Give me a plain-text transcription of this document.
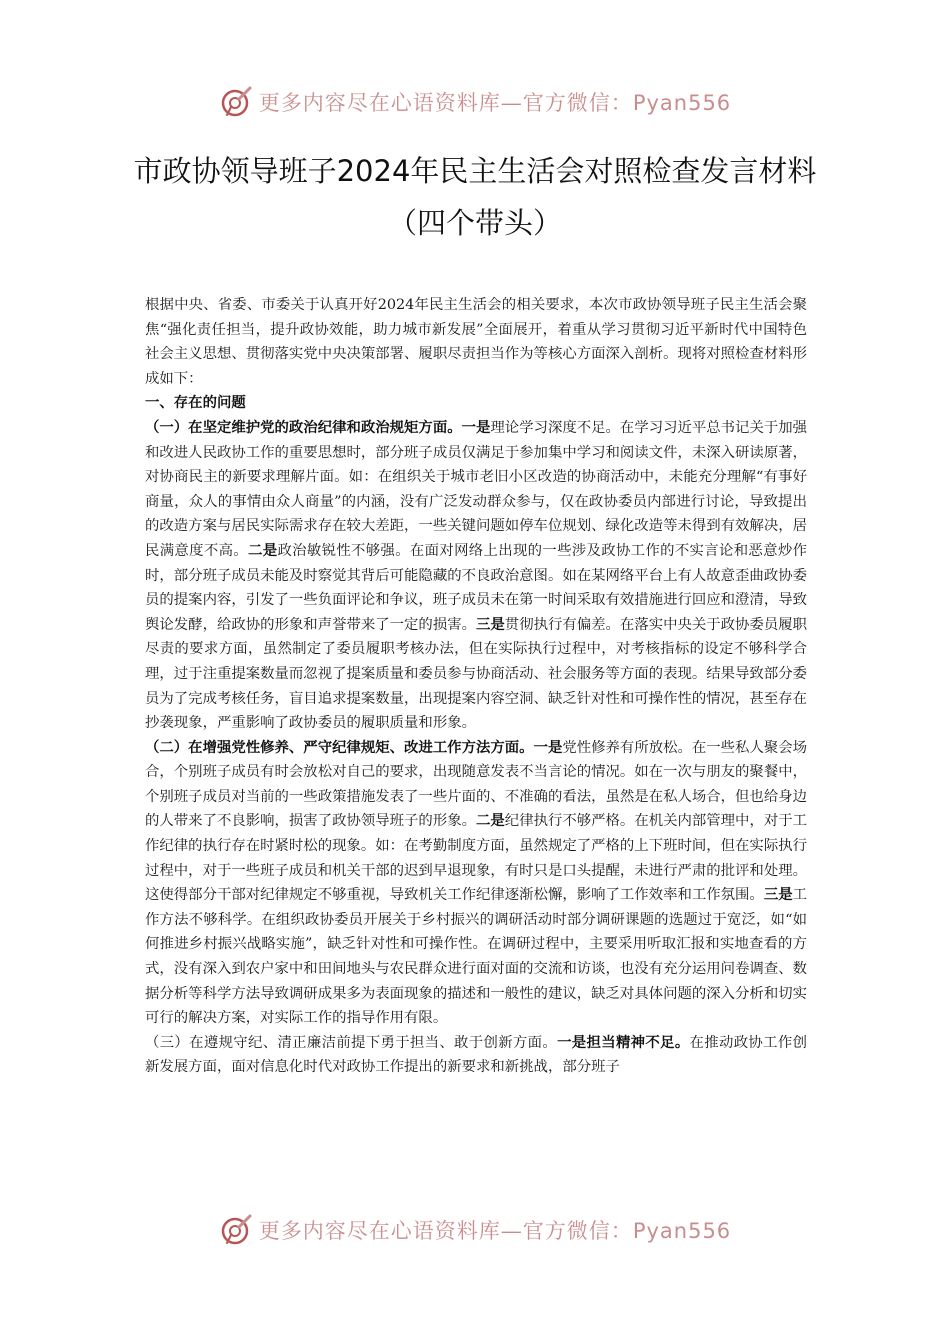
更多内容尽在心语资料库—官方微信：Pyan556
市政协领导班子2024年民主生活会对照检查发言材料（四个带头）

根据中央、省委、市委关于认真开好2024年民主生活会的相关要求，本次市政协领导班子民主生活会聚焦“强化责任担当，提升政协效能，助力城市新发展”全面展开，着重从学习贯彻习近平新时代中国特色社会主义思想、贯彻落实党中央决策部署、履职尽责担当作为等核心方面深入剖析。现将对照检查材料形成如下：

一、存在的问题

（一）在坚定维护党的政治纪律和政治规矩方面。一是理论学习深度不足。在学习习近平总书记关于加强和改进人民政协工作的重要思想时，部分班子成员仅满足于参加集中学习和阅读文件，未深入研读原著，对协商民主的新要求理解片面。如：在组织关于城市老旧小区改造的协商活动中，未能充分理解“有事好商量，众人的事情由众人商量”的内涵，没有广泛发动群众参与，仅在政协委员内部进行讨论，导致提出的改造方案与居民实际需求存在较大差距，一些关键问题如停车位规划、绿化改造等未得到有效解决，居民满意度不高。二是政治敏锐性不够强。在面对网络上出现的一些涉及政协工作的不实言论和恶意炒作时，部分班子成员未能及时察觉其背后可能隐藏的不良政治意图。如在某网络平台上有人故意歪曲政协委员的提案内容，引发了一些负面评论和争议，班子成员未在第一时间采取有效措施进行回应和澄清，导致舆论发酵，给政协的形象和声誉带来了一定的损害。三是贯彻执行有偏差。在落实中央关于政协委员履职尽责的要求方面，虽然制定了委员履职考核办法，但在实际执行过程中，对考核指标的设定不够科学合理，过于注重提案数量而忽视了提案质量和委员参与协商活动、社会服务等方面的表现。结果导致部分委员为了完成考核任务，盲目追求提案数量，出现提案内容空洞、缺乏针对性和可操作性的情况，甚至存在抄袭现象，严重影响了政协委员的履职质量和形象。

（二）在增强党性修养、严守纪律规矩、改进工作方法方面。一是党性修养有所放松。在一些私人聚会场合，个别班子成员有时会放松对自己的要求，出现随意发表不当言论的情况。如在一次与朋友的聚餐中，个别班子成员对当前的一些政策措施发表了一些片面的、不准确的看法，虽然是在私人场合，但也给身边的人带来了不良影响，损害了政协领导班子的形象。二是纪律执行不够严格。在机关内部管理中，对于工作纪律的执行存在时紧时松的现象。如：在考勤制度方面，虽然规定了严格的上下班时间，但在实际执行过程中，对于一些班子成员和机关干部的迟到早退现象，有时只是口头提醒，未进行严肃的批评和处理。这使得部分干部对纪律规定不够重视，导致机关工作纪律逐渐松懈，影响了工作效率和工作氛围。三是工作方法不够科学。在组织政协委员开展关于乡村振兴的调研活动时部分调研课题的选题过于宽泛，如“如何推进乡村振兴战略实施”，缺乏针对性和可操作性。在调研过程中，主要采用听取汇报和实地查看的方式，没有深入到农户家中和田间地头与农民群众进行面对面的交流和访谈，也没有充分运用问卷调查、数据分析等科学方法导致调研成果多为表面现象的描述和一般性的建议，缺乏对具体问题的深入分析和切实可行的解决方案，对实际工作的指导作用有限。

（三）在遵规守纪、清正廉洁前提下勇于担当、敢于创新方面。一是担当精神不足。在推动政协工作创新发展方面，面对信息化时代对政协工作提出的新要求和新挑战，部分班子

更多内容尽在心语资料库—官方微信：Pyan556
